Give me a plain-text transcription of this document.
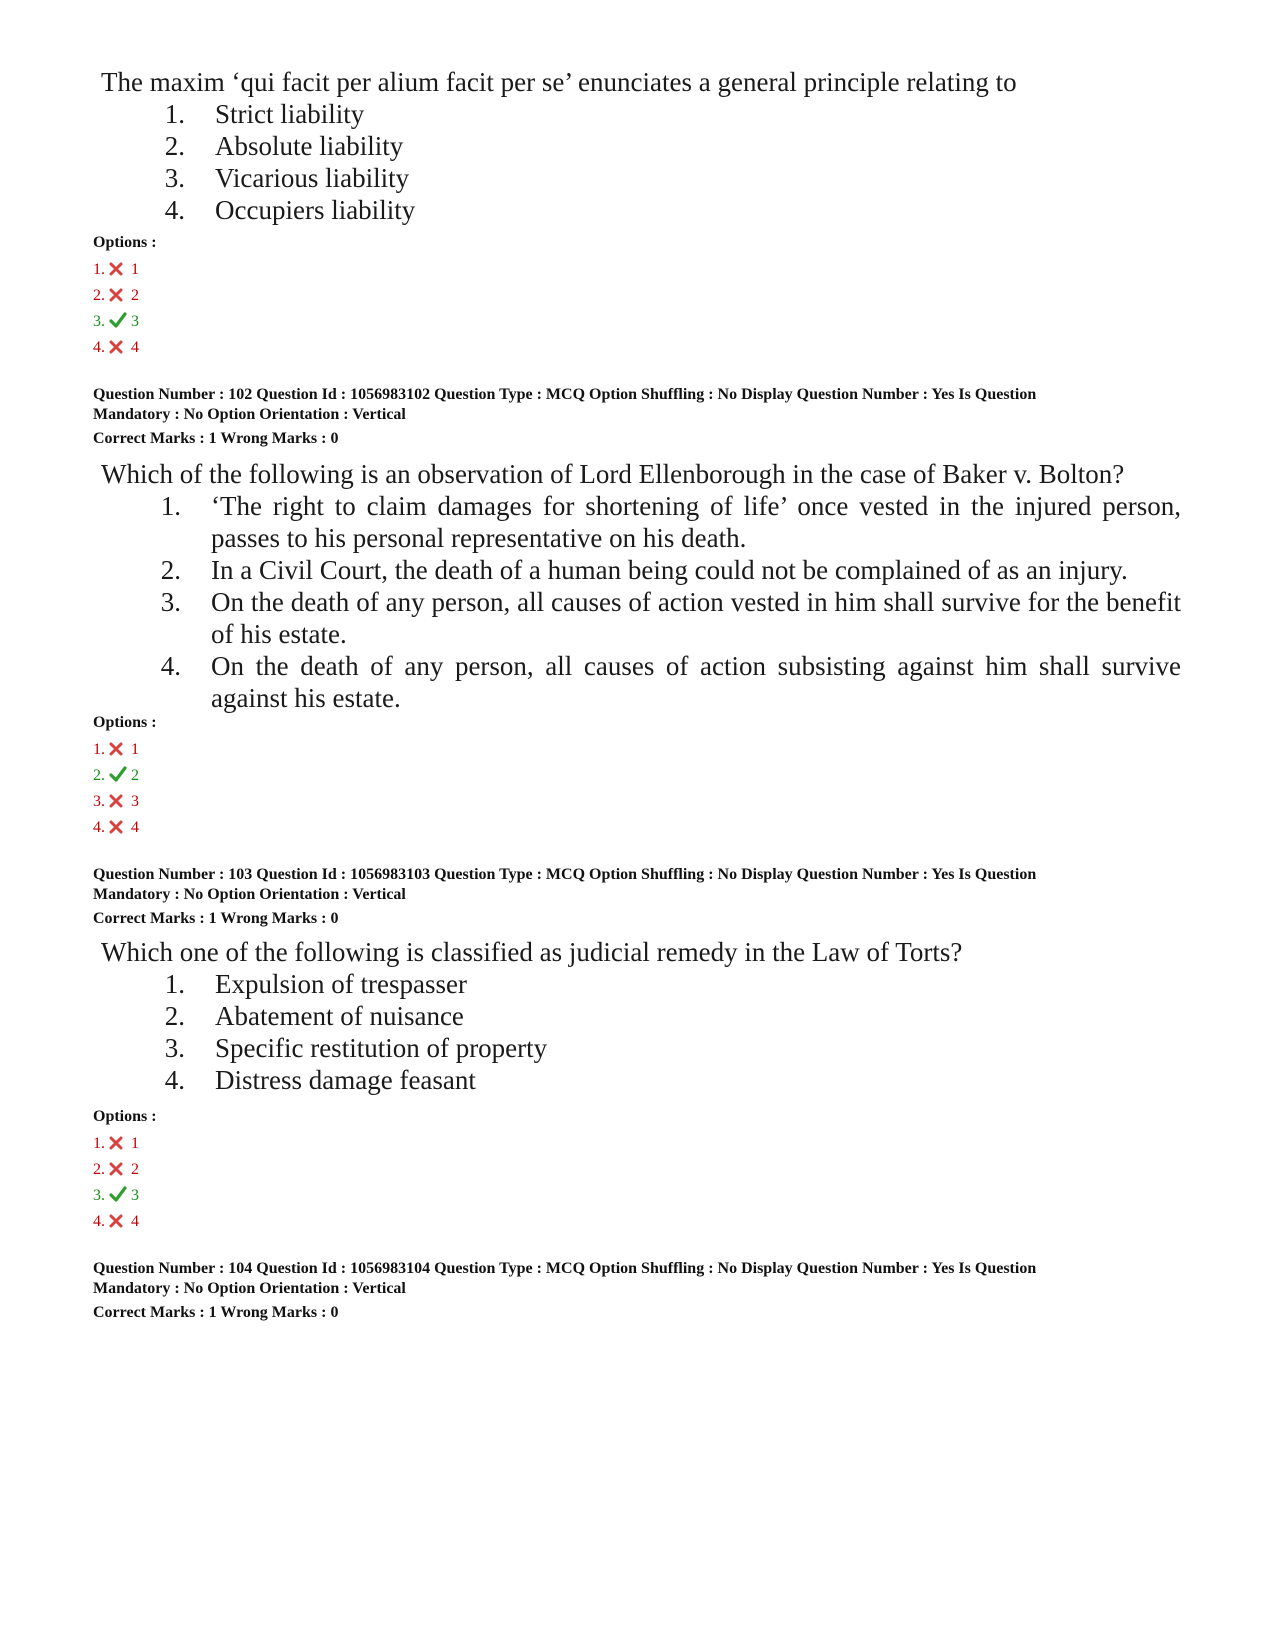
The maxim ‘qui facit per alium facit per se’ enunciates a general principle relating to

1.	Strict liability
2.	Absolute liability
3.	Vicarious liability
4.	Occupiers liability

Options :

1. 1
2. 2
3. 3
4. 4

Question Number : 102 Question Id : 1056983102 Question Type : MCQ Option Shuffling : No Display Question Number : Yes Is Question

Mandatory : No Option Orientation : Vertical

Correct Marks : 1 Wrong Marks : 0

Which of the following is an observation of Lord Ellenborough in the case of Baker v. Bolton?

1.	‘The right to claim damages for shortening of life’ once vested in the injured person, passes to his personal representative on his death.
2.	In a Civil Court, the death of a human being could not be complained of as an injury.
3.	On the death of any person, all causes of action vested in him shall survive for the benefit of his estate.
4.	On the death of any person, all causes of action subsisting against him shall survive against his estate.

Options :

1. 1
2. 2
3. 3
4. 4

Question Number : 103 Question Id : 1056983103 Question Type : MCQ Option Shuffling : No Display Question Number : Yes Is Question

Mandatory : No Option Orientation : Vertical

Correct Marks : 1 Wrong Marks : 0

Which one of the following is classified as judicial remedy in the Law of Torts?

1.	Expulsion of trespasser
2.	Abatement of nuisance
3.	Specific restitution of property
4.	Distress damage feasant

Options :

1. 1
2. 2
3. 3
4. 4

Question Number : 104 Question Id : 1056983104 Question Type : MCQ Option Shuffling : No Display Question Number : Yes Is Question

Mandatory : No Option Orientation : Vertical

Correct Marks : 1 Wrong Marks : 0
